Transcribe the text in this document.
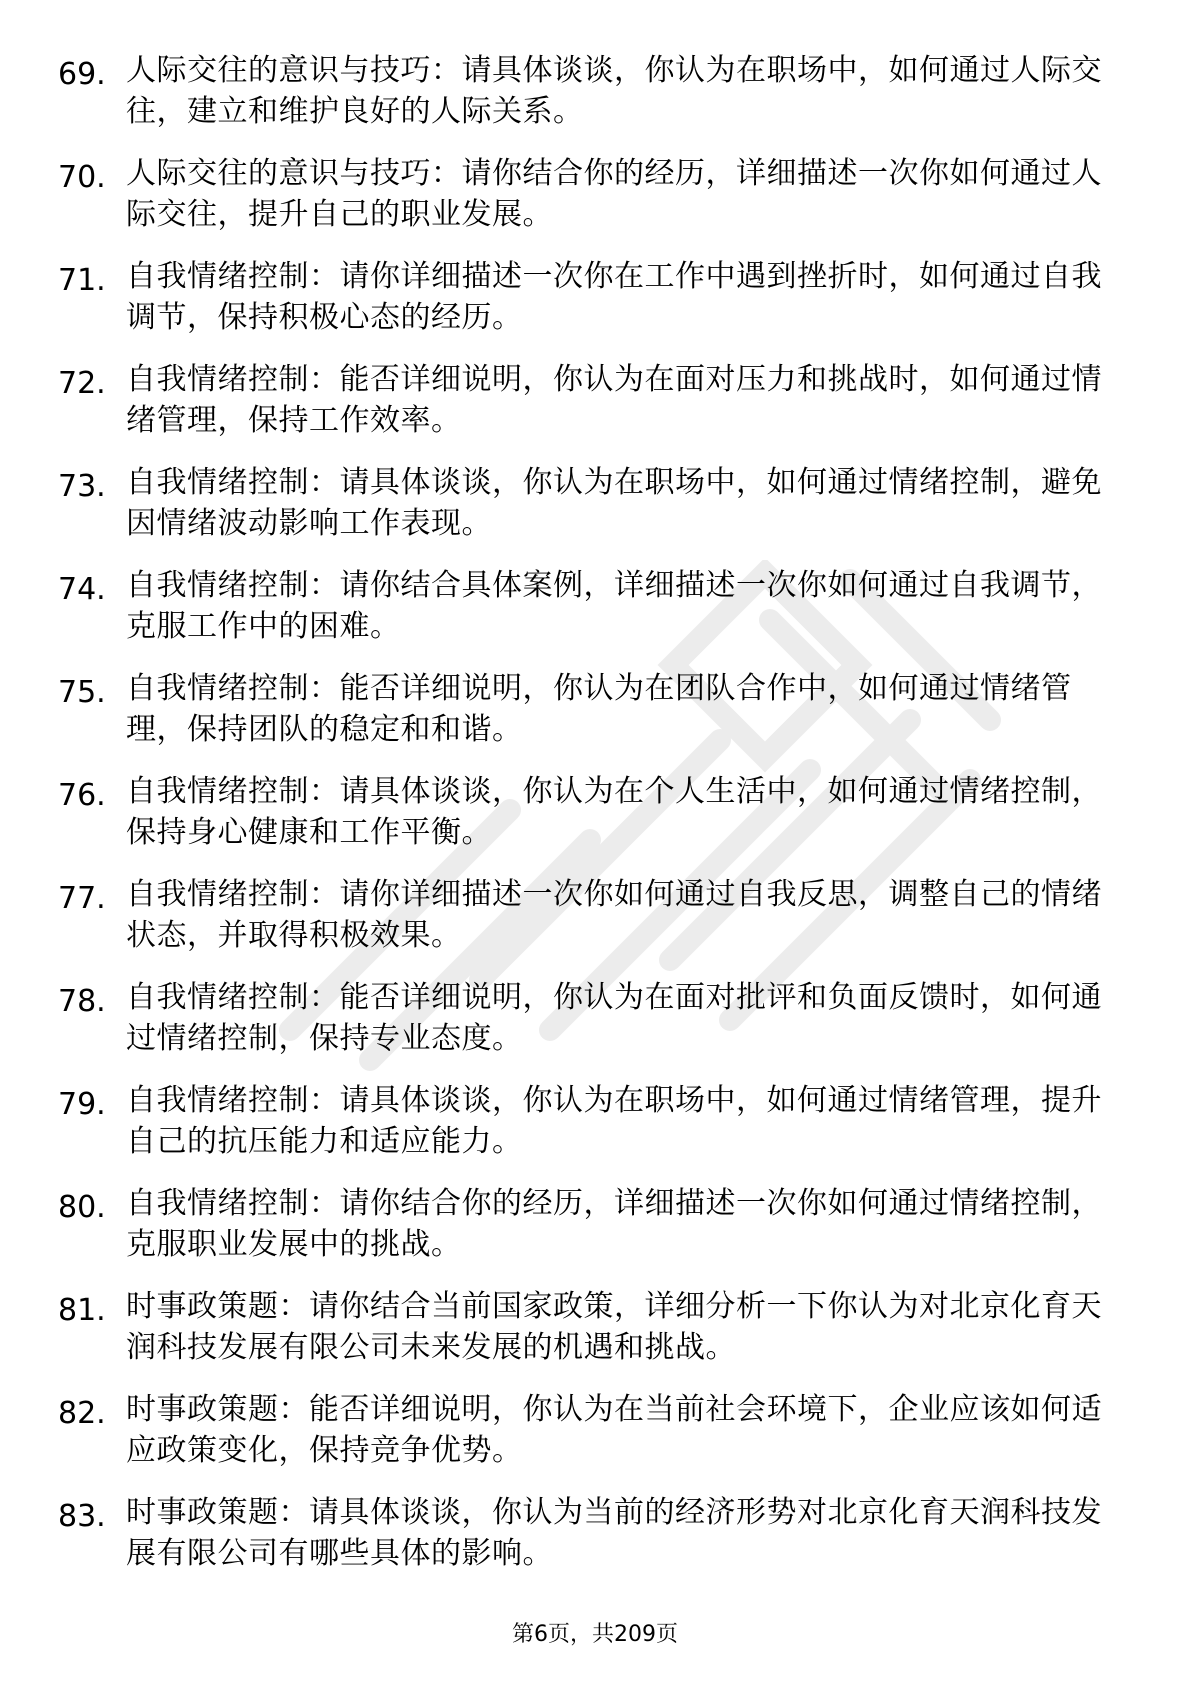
69. 人际交往的意识与技巧：请具体谈谈，你认为在职场中，如何通过人际交往，建立和维护良好的人际关系。
70. 人际交往的意识与技巧：请你结合你的经历，详细描述一次你如何通过人际交往，提升自己的职业发展。
71. 自我情绪控制：请你详细描述一次你在工作中遇到挫折时，如何通过自我调节，保持积极心态的经历。
72. 自我情绪控制：能否详细说明，你认为在面对压力和挑战时，如何通过情绪管理，保持工作效率。
73. 自我情绪控制：请具体谈谈，你认为在职场中，如何通过情绪控制，避免因情绪波动影响工作表现。
74. 自我情绪控制：请你结合具体案例，详细描述一次你如何通过自我调节，克服工作中的困难。
75. 自我情绪控制：能否详细说明，你认为在团队合作中，如何通过情绪管理，保持团队的稳定和和谐。
76. 自我情绪控制：请具体谈谈，你认为在个人生活中，如何通过情绪控制，保持身心健康和工作平衡。
77. 自我情绪控制：请你详细描述一次你如何通过自我反思，调整自己的情绪状态，并取得积极效果。
78. 自我情绪控制：能否详细说明，你认为在面对批评和负面反馈时，如何通过情绪控制，保持专业态度。
79. 自我情绪控制：请具体谈谈，你认为在职场中，如何通过情绪管理，提升自己的抗压能力和适应能力。
80. 自我情绪控制：请你结合你的经历，详细描述一次你如何通过情绪控制，克服职业发展中的挑战。
81. 时事政策题：请你结合当前国家政策，详细分析一下你认为对北京化育天润科技发展有限公司未来发展的机遇和挑战。
82. 时事政策题：能否详细说明，你认为在当前社会环境下，企业应该如何适应政策变化，保持竞争优势。
83. 时事政策题：请具体谈谈，你认为当前的经济形势对北京化育天润科技发展有限公司有哪些具体的影响。
第6页，共209页
